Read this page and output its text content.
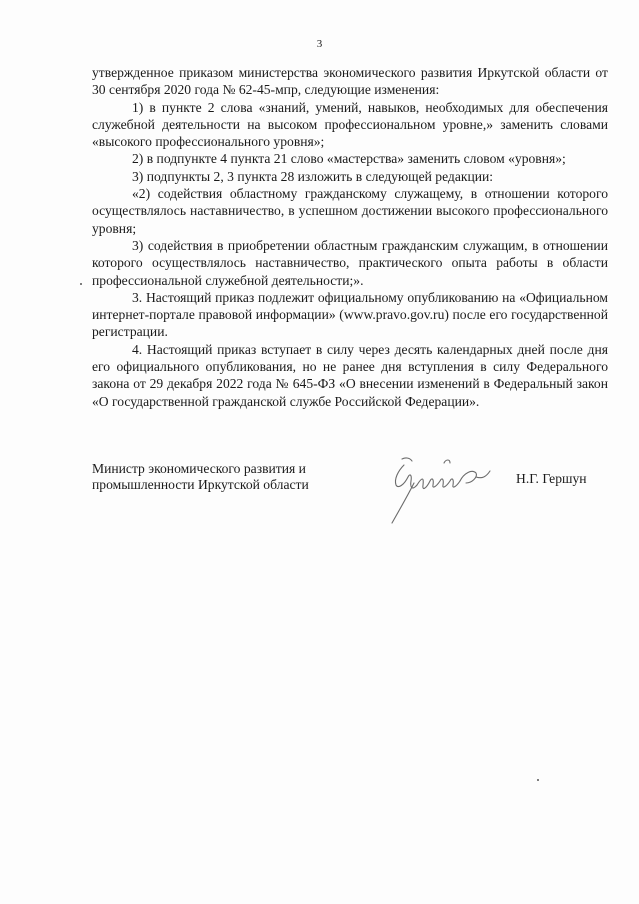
3

утвержденное приказом министерства экономического развития Иркутской области от 30 сентября 2020 года № 62-45-мпр, следующие изменения:

1) в пункте 2 слова «знаний, умений, навыков, необходимых для обеспечения служебной деятельности на высоком профессиональном уровне,» заменить словами «высокого профессионального уровня»;

2) в подпункте 4 пункта 21 слово «мастерства» заменить словом «уровня»;

3) подпункты 2, 3 пункта 28 изложить в следующей редакции:

«2) содействия областному гражданскому служащему, в отношении которого осуществлялось наставничество, в успешном достижении высокого профессионального уровня;

3) содействия в приобретении областным гражданским служащим, в отношении которого осуществлялось наставничество, практического опыта работы в области профессиональной служебной деятельности;».

3. Настоящий приказ подлежит официальному опубликованию на «Официальном интернет-портале правовой информации» (www.pravo.gov.ru) после его государственной регистрации.

4. Настоящий приказ вступает в силу через десять календарных дней после дня его официального опубликования, но не ранее дня вступления в силу Федерального закона от 29 декабря 2022 года № 645-ФЗ «О внесении изменений в Федеральный закон «О государственной гражданской службе Российской Федерации».

Министр экономического развития и
промышленности Иркутской области	Н.Г. Гершун
